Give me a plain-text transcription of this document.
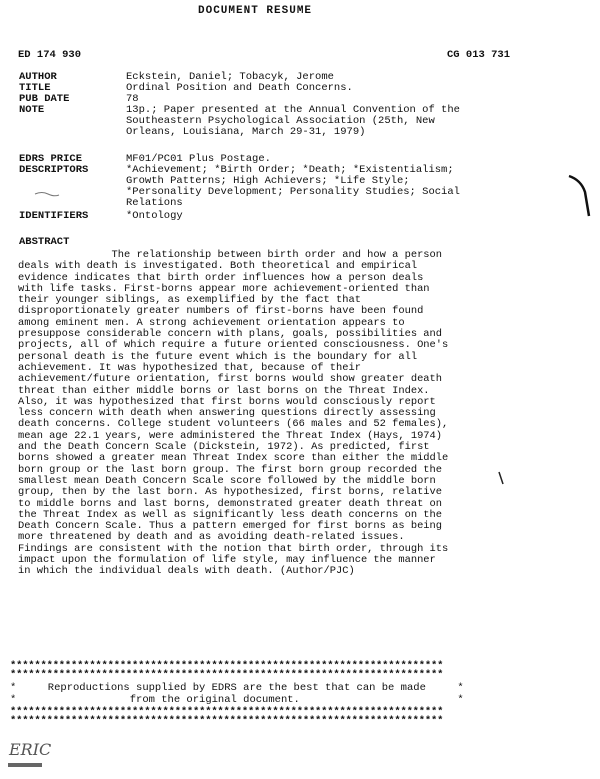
DOCUMENT RESUME
ED 174 930	CG 013 731
AUTHOR	Eckstein, Daniel; Tobacyk, Jerome
TITLE	Ordinal Position and Death Concerns.
PUB DATE	78
NOTE	13p.; Paper presented at the Annual Convention of the
Southeastern Psychological Association (25th, New
Orleans, Louisiana, March 29-31, 1979)
EDRS PRICE	MF01/PC01 Plus Postage.
DESCRIPTORS	*Achievement; *Birth Order; *Death; *Existentialism;
Growth Patterns; High Achievers; *Life Style;
*Personality Development; Personality Studies; Social
Relations
IDENTIFIERS	*Ontology
ABSTRACT
The relationship between birth order and how a person
deals with death is investigated. Both theoretical and empirical
evidence indicates that birth order influences how a person deals
with life tasks. First-borns appear more achievement-oriented than
their younger siblings, as exemplified by the fact that
disproportionately greater numbers of first-borns have been found
among eminent men. A strong achievement orientation appears to
presuppose considerable concern with plans, goals, possibilities and
projects, all of which require a future oriented consciousness. One's
personal death is the future event which is the boundary for all
achievement. It was hypothesized that, because of their
achievement/future orientation, first borns would show greater death
threat than either middle borns or last borns on the Threat Index.
Also, it was hypothesized that first borns would consciously report
less concern with death when answering questions directly assessing
death concerns. College student volunteers (66 males and 52 females),
mean age 22.1 years, were administered the Threat Index (Hays, 1974)
and the Death Concern Scale (Dickstein, 1972). As predicted, first
borns showed a greater mean Threat Index score than either the middle
born group or the last born group. The first born group recorded the
smallest mean Death Concern Scale score followed by the middle born
group, then by the last born. As hypothesized, first borns, relative
to middle borns and last borns, demonstrated greater death threat on
the Threat Index as well as significantly less death concerns on the
Death Concern Scale. Thus a pattern emerged for first borns as being
more threatened by death and as avoiding death-related issues.
Findings are consistent with the notion that birth order, through its
impact upon the formulation of life style, may influence the manner
in which the individual deals with death. (Author/PJC)
***********************************************************************
***********************************************************************
*     Reproductions supplied by EDRS are the best that can be made     *
*                  from the original document.                         *
***********************************************************************
***********************************************************************
ERIC
